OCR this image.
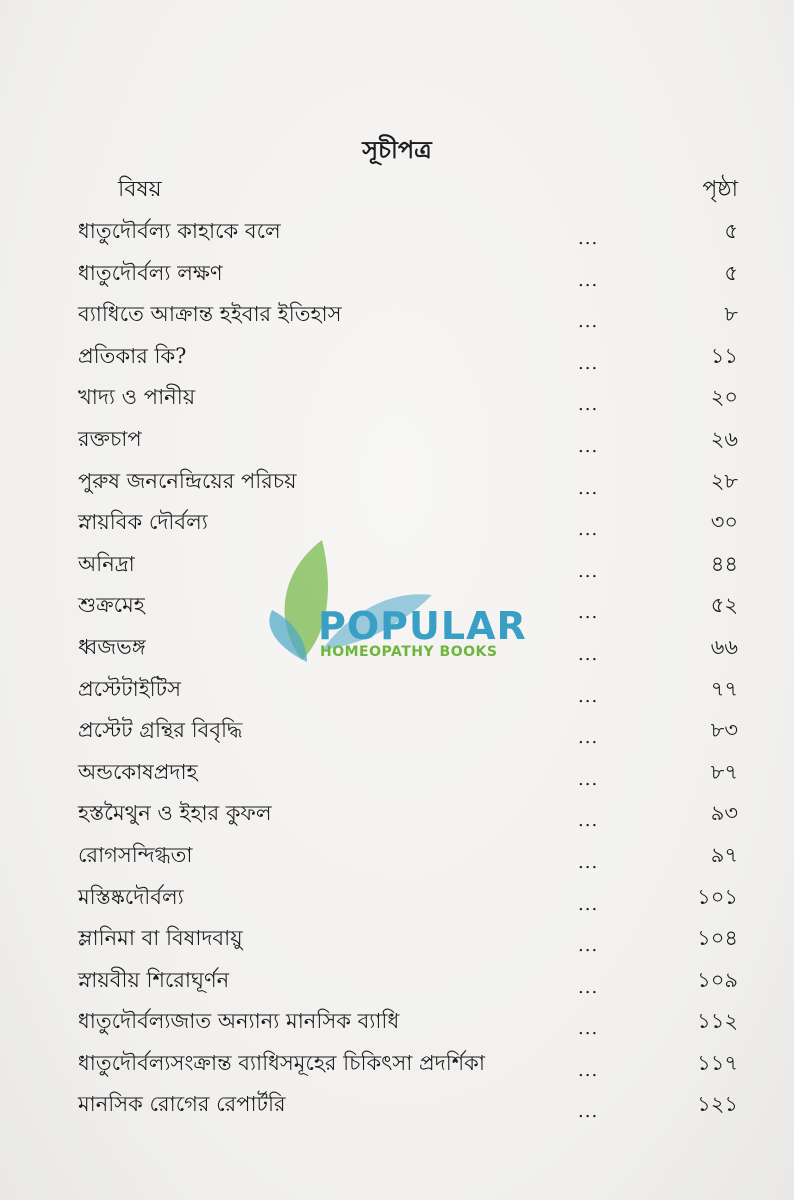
সূচীপত্র
বিষয়	পৃষ্ঠা
ধাতুদৌর্বল্য কাহাকে বলে	...	৫
ধাতুদৌর্বল্য লক্ষণ	...	৫
ব্যাধিতে আক্রান্ত হইবার ইতিহাস	...	৮
প্রতিকার কি?	...	১১
খাদ্য ও পানীয়	...	২০
রক্তচাপ	...	২৬
পুরুষ জননেন্দ্রিয়ের পরিচয়	...	২৮
স্নায়বিক দৌর্বল্য	...	৩০
অনিদ্রা	...	৪৪
শুক্রমেহ	...	৫২
ধ্বজভঙ্গ	...	৬৬
প্রস্টেটাইটিস	...	৭৭
প্রস্টেট গ্রন্থির বিবৃদ্ধি	...	৮৩
অন্ডকোষপ্রদাহ	...	৮৭
হস্তমৈথুন ও ইহার কুফল	...	৯৩
রোগসন্দিগ্ধতা	...	৯৭
মস্তিষ্কদৌর্বল্য	...	১০১
ম্লানিমা বা বিষাদবায়ু	...	১০৪
স্নায়বীয় শিরোঘূর্ণন	...	১০৯
ধাতুদৌর্বল্যজাত অন্যান্য মানসিক ব্যাধি	...	১১২
ধাতুদৌর্বল্যসংক্রান্ত ব্যাধিসমূহের চিকিৎসা প্রদর্শিকা	...	১১৭
মানসিক রোগের রেপার্টরি	...	১২১
POPULAR
HOMEOPATHY BOOKS
